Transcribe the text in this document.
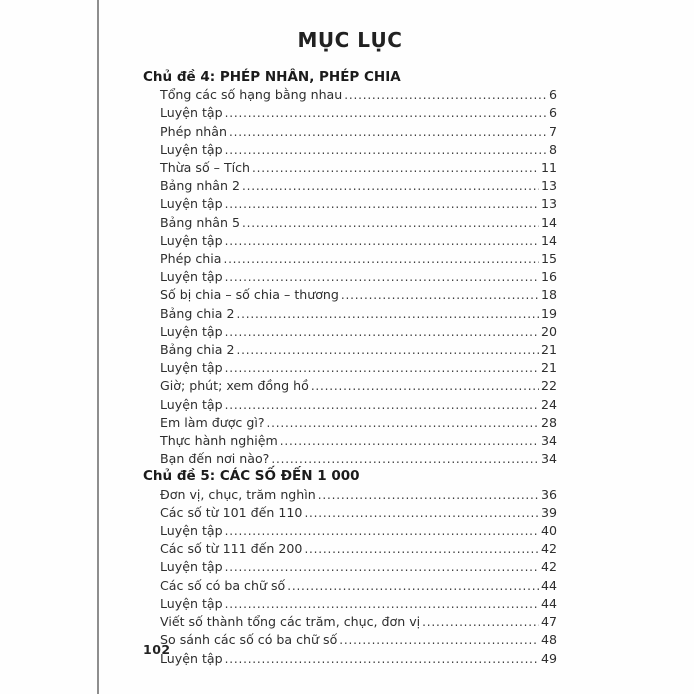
MỤC LỤC
Chủ đề 4: PHÉP NHÂN, PHÉP CHIA
Tổng các số hạng bằng nhau .....	6
Luyện tập .....	6
Phép nhân .....	7
Luyện tập .....	8
Thừa số – Tích .....	11
Bảng nhân 2 .....	13
Luyện tập .....	13
Bảng nhân 5 .....	14
Luyện tập .....	14
Phép chia .....	15
Luyện tập .....	16
Số bị chia – số chia – thương .....	18
Bảng chia 2 .....	19
Luyện tập .....	20
Bảng chia 2 .....	21
Luyện tập .....	21
Giờ; phút; xem đồng hồ .....	22
Luyện tập .....	24
Em làm được gì? .....	28
Thực hành nghiệm .....	34
Bạn đến nơi nào? .....	34
Chủ đề 5: CÁC SỐ ĐẾN 1 000
Đơn vị, chục, trăm nghìn .....	36
Các số từ 101 đến 110 .....	39
Luyện tập .....	40
Các số từ 111 đến 200 .....	42
Luyện tập .....	42
Các số có ba chữ số .....	44
Luyện tập .....	44
Viết số thành tổng các trăm, chục, đơn vị .....	47
So sánh các số có ba chữ số .....	48
Luyện tập .....	49
102
